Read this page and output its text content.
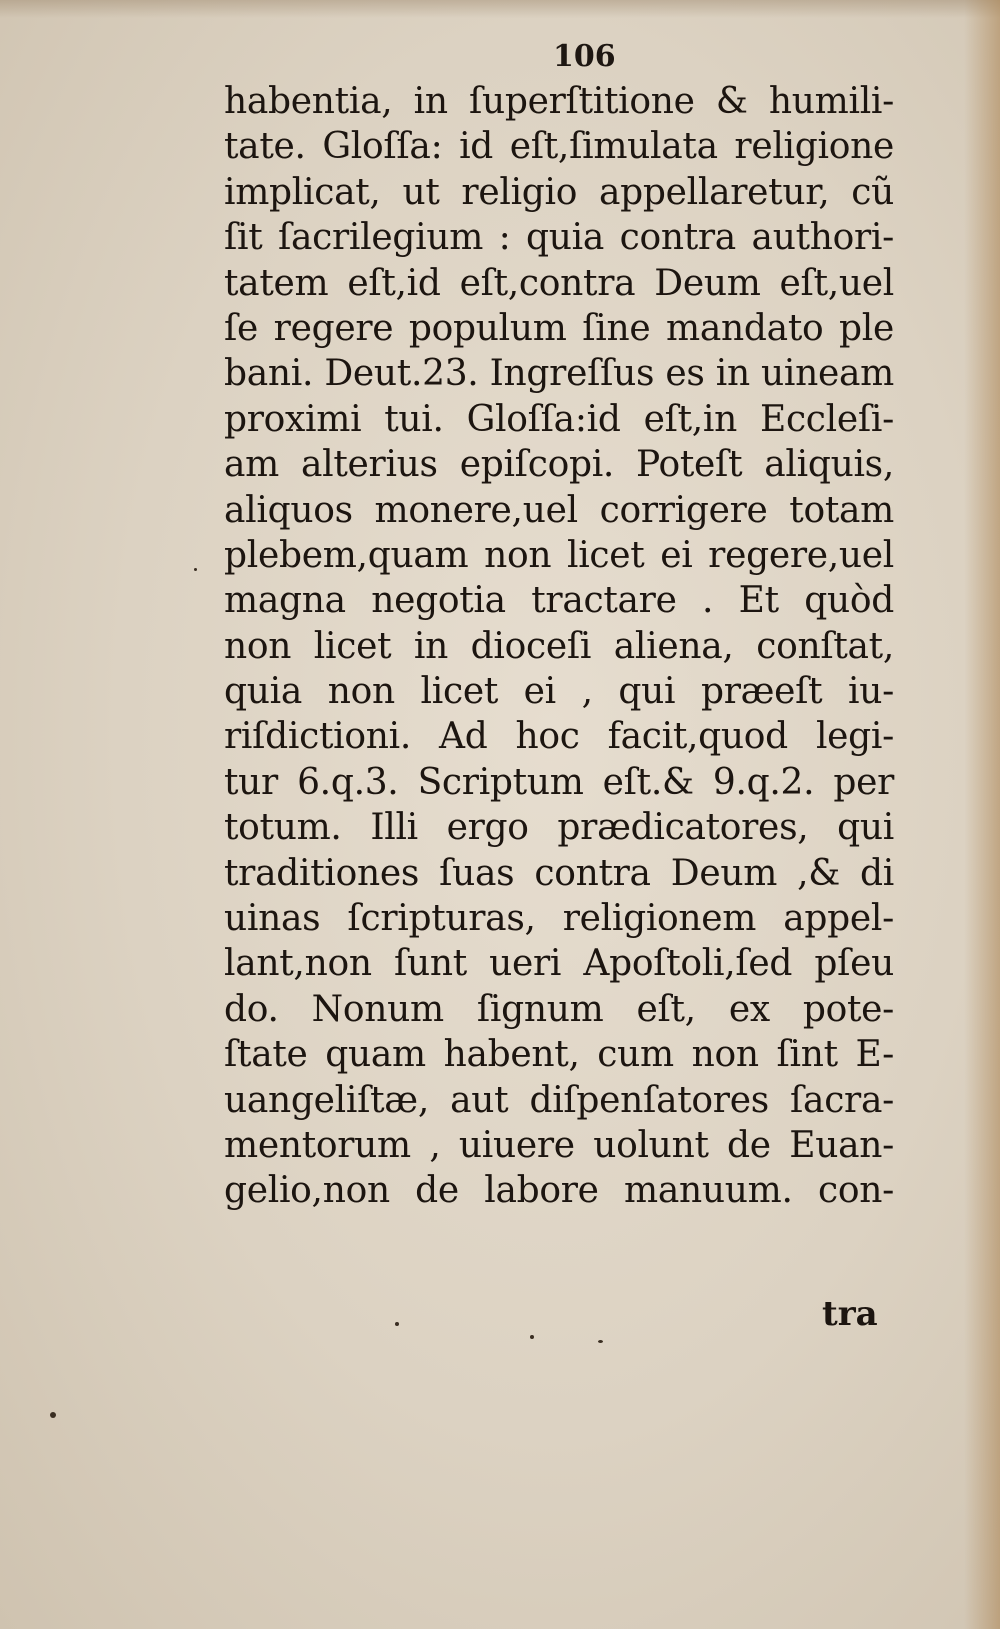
106
habentia, in ſuperſtitione & humili-
tate. Gloſſa: id eſt,ſimulata religione
implicat, ut religio appellaretur, cũ
ſit ſacrilegium : quia contra authori-
tatem eſt,id eſt,contra Deum eſt,uel
ſe regere populum ſine mandato ple
bani. Deut.23. Ingreſſus es in uineam
proximi tui. Gloſſa:id eſt,in Eccleſi-
am alterius epiſcopi. Poteſt aliquis,
aliquos monere,uel corrigere totam
plebem,quam non licet ei regere,uel
magna negotia tractare . Et quòd
non licet in dioceſi aliena, conſtat,
quia non licet ei , qui præeſt iu-
riſdictioni. Ad hoc facit,quod legi-
tur 6.q.3. Scriptum eſt.& 9.q.2. per
totum. Illi ergo prædicatores, qui
traditiones ſuas contra Deum ,& di
uinas ſcripturas, religionem appel-
lant,non ſunt ueri Apoſtoli,ſed pſeu
do. Nonum ſignum eſt, ex pote-
ſtate quam habent, cum non ſint E-
uangeliſtæ, aut diſpenſatores ſacra-
mentorum , uiuere uolunt de Euan-
gelio,non de labore manuum. con-
tra
